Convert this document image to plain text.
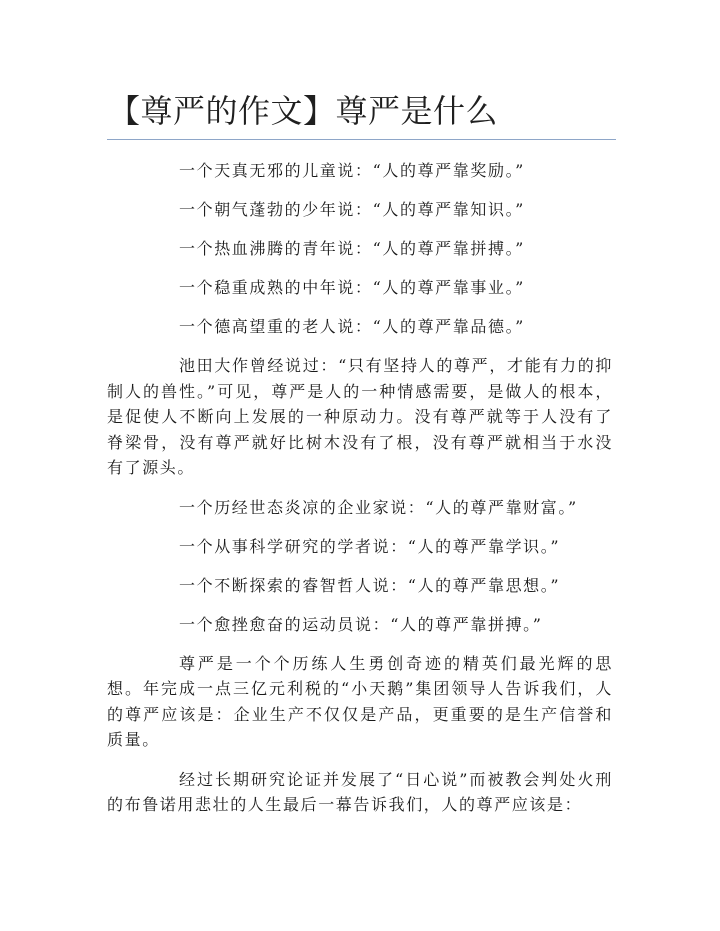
【尊严的作文】尊严是什么

一个天真无邪的儿童说：“人的尊严靠奖励。”

一个朝气蓬勃的少年说：“人的尊严靠知识。”

一个热血沸腾的青年说：“人的尊严靠拼搏。”

一个稳重成熟的中年说：“人的尊严靠事业。”

一个德高望重的老人说：“人的尊严靠品德。”

池田大作曾经说过：“只有坚持人的尊严，才能有力的抑制人的兽性。”可见，尊严是人的一种情感需要，是做人的根本，是促使人不断向上发展的一种原动力。没有尊严就等于人没有了脊梁骨，没有尊严就好比树木没有了根，没有尊严就相当于水没有了源头。

一个历经世态炎凉的企业家说：“人的尊严靠财富。”

一个从事科学研究的学者说：“人的尊严靠学识。”

一个不断探索的睿智哲人说：“人的尊严靠思想。”

一个愈挫愈奋的运动员说：“人的尊严靠拼搏。”

尊严是一个个历练人生勇创奇迹的精英们最光辉的思想。年完成一点三亿元利税的“小天鹅”集团领导人告诉我们，人的尊严应该是：企业生产不仅仅是产品，更重要的是生产信誉和质量。

经过长期研究论证并发展了“日心说”而被教会判处火刑的布鲁诺用悲壮的人生最后一幕告诉我们，人的尊严应该是：
